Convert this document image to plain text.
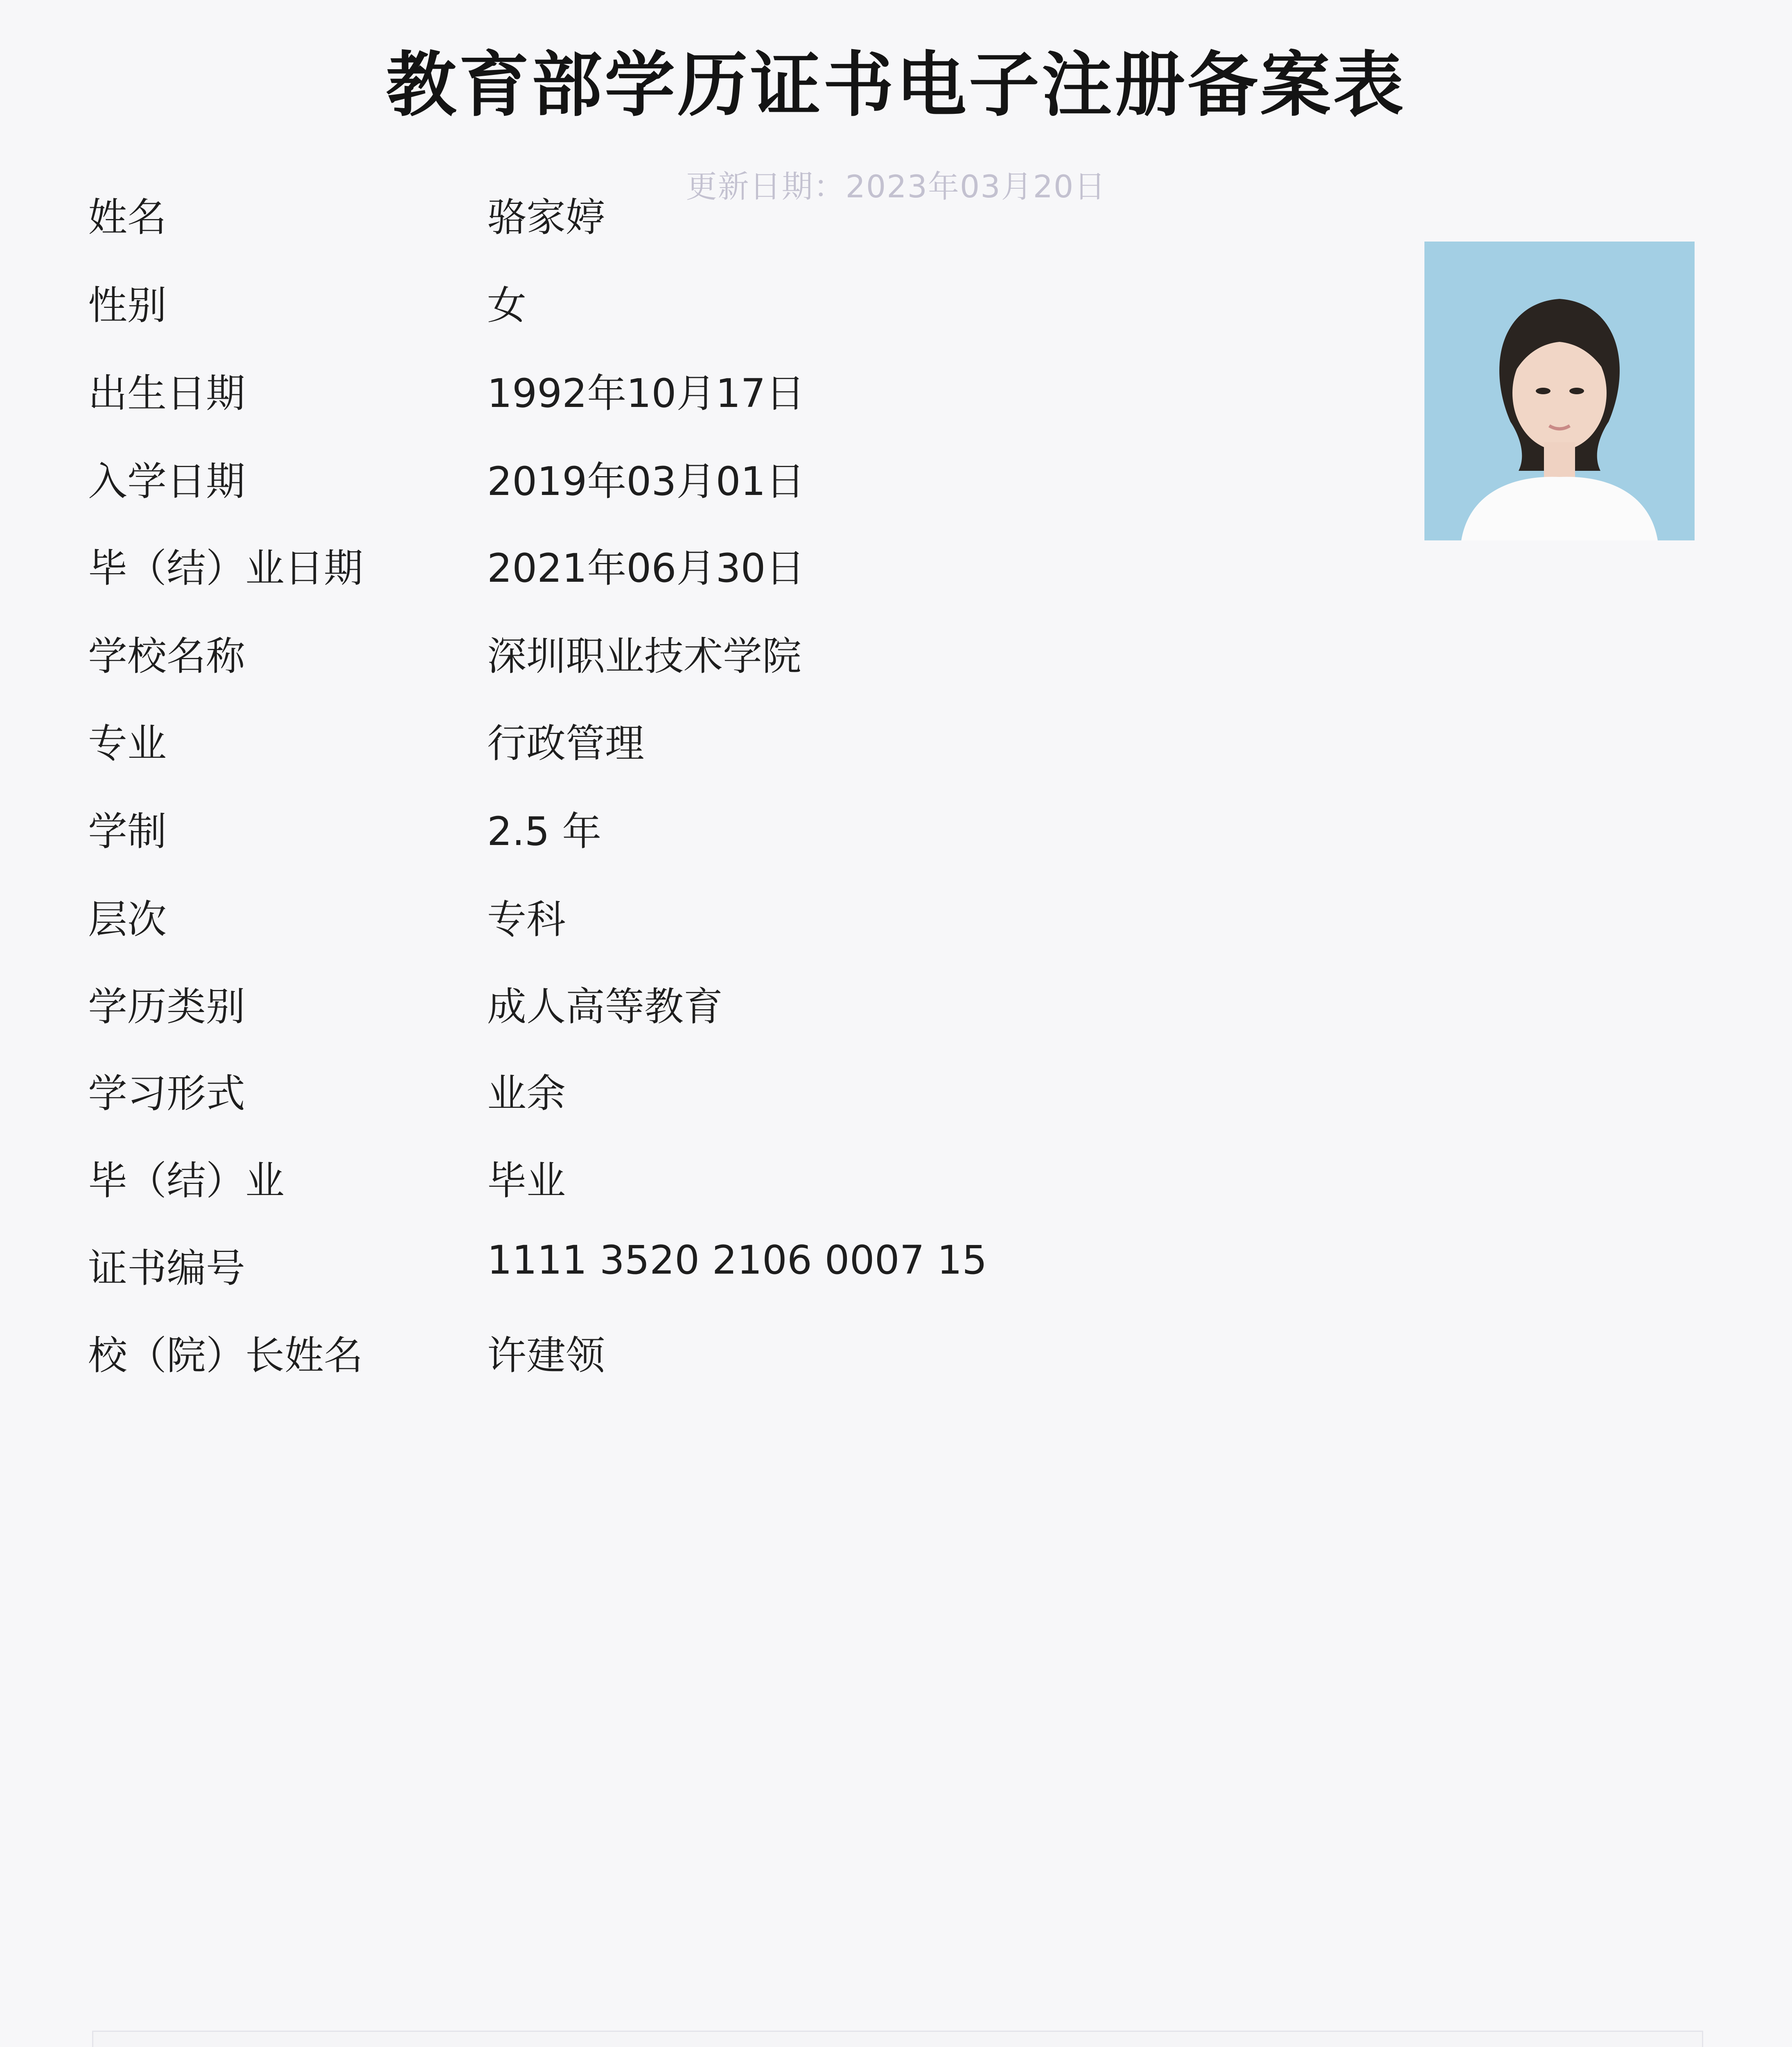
教育部学历证书电子注册备案表
更新日期：2023年03月20日
姓名	骆家婷
性别	女
出生日期	1992年10月17日
入学日期	2019年03月01日
毕（结）业日期	2021年06月30日
学校名称	深圳职业技术学院
专业	行政管理
学制	2.5 年
层次	专科
学历类别	成人高等教育
学习形式	业余
毕（结）业	毕业
证书编号	1111 3520 2106 0007 15
校（院）长姓名	许建领
